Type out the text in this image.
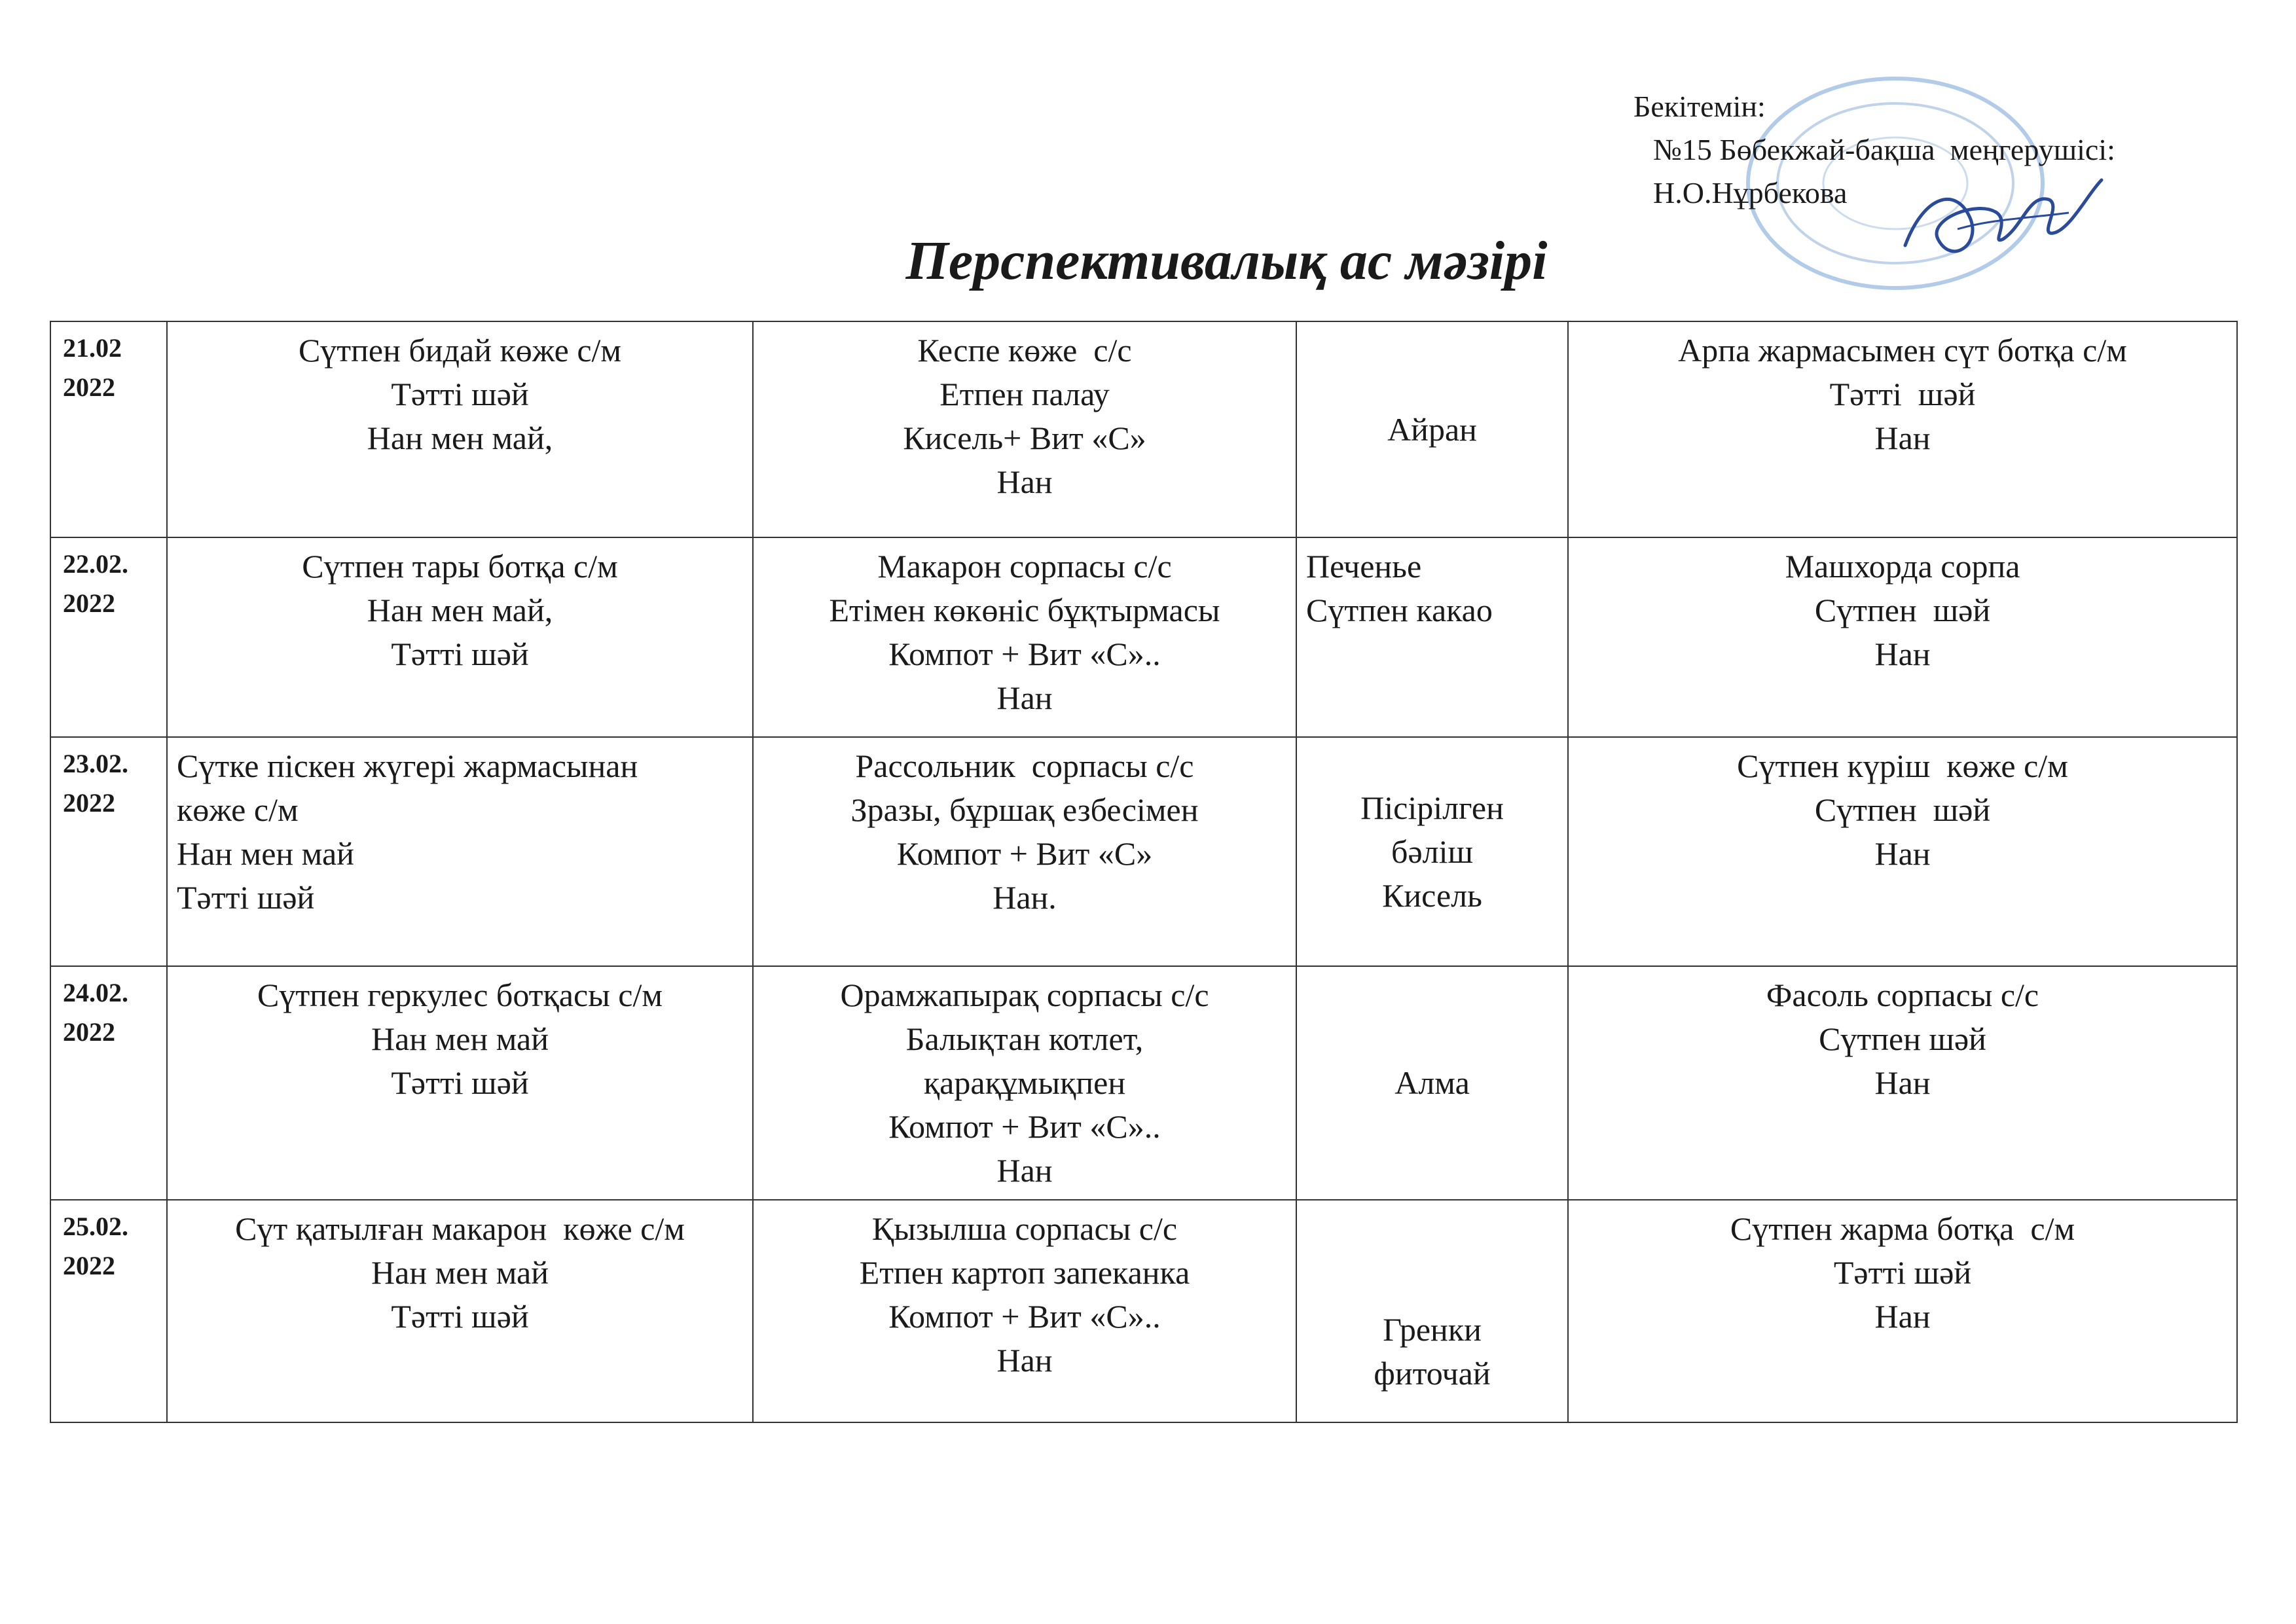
Бекітемін:
№15 Бөбекжай-бақша  меңгерушісі:
Н.О.Нұрбекова
Перспективалық ас мәзірі
21.02
2022	Сүтпен бидай көже с/м
Тәтті шәй
Нан мен май,	Кеспе көже  с/с
Етпен палау
Кисель+ Вит «С»
Нан	Айран	Арпа жармасымен сүт ботқа с/м
Тәтті  шәй
Нан

22.02.
2022	Сүтпен тары ботқа с/м
Нан мен май,
Тәтті шәй	Макарон сорпасы с/с
Етімен көкөніс бұқтырмасы
Компот + Вит «С»..
Нан	Печенье
Сүтпен какао	Машхорда сорпа
Сүтпен  шәй
Нан

23.02.
2022	Сүтке піскен жүгері жармасынан
көже с/м
Нан мен май
Тәтті шәй	Рассольник  сорпасы с/с
Зразы, бұршақ езбесімен
Компот + Вит «С»
Нан.	Пісірілген
бәліш
Кисель	Сүтпен күріш  көже с/м
Сүтпен  шәй
Нан

24.02.
2022	Сүтпен геркулес ботқасы с/м
Нан мен май
Тәтті шәй	Орамжапырақ сорпасы с/с
Балықтан котлет,
қарақұмықпен
Компот + Вит «С»..
Нан	Алма	Фасоль сорпасы с/с
Сүтпен шәй
Нан

25.02.
2022	Сүт қатылған макарон  көже с/м
Нан мен май
Тәтті шәй	Қызылша сорпасы с/с
Етпен картоп запеканка
Компот + Вит «С»..
Нан	Гренки
фиточай	Сүтпен жарма ботқа  с/м
Тәтті шәй
Нан
